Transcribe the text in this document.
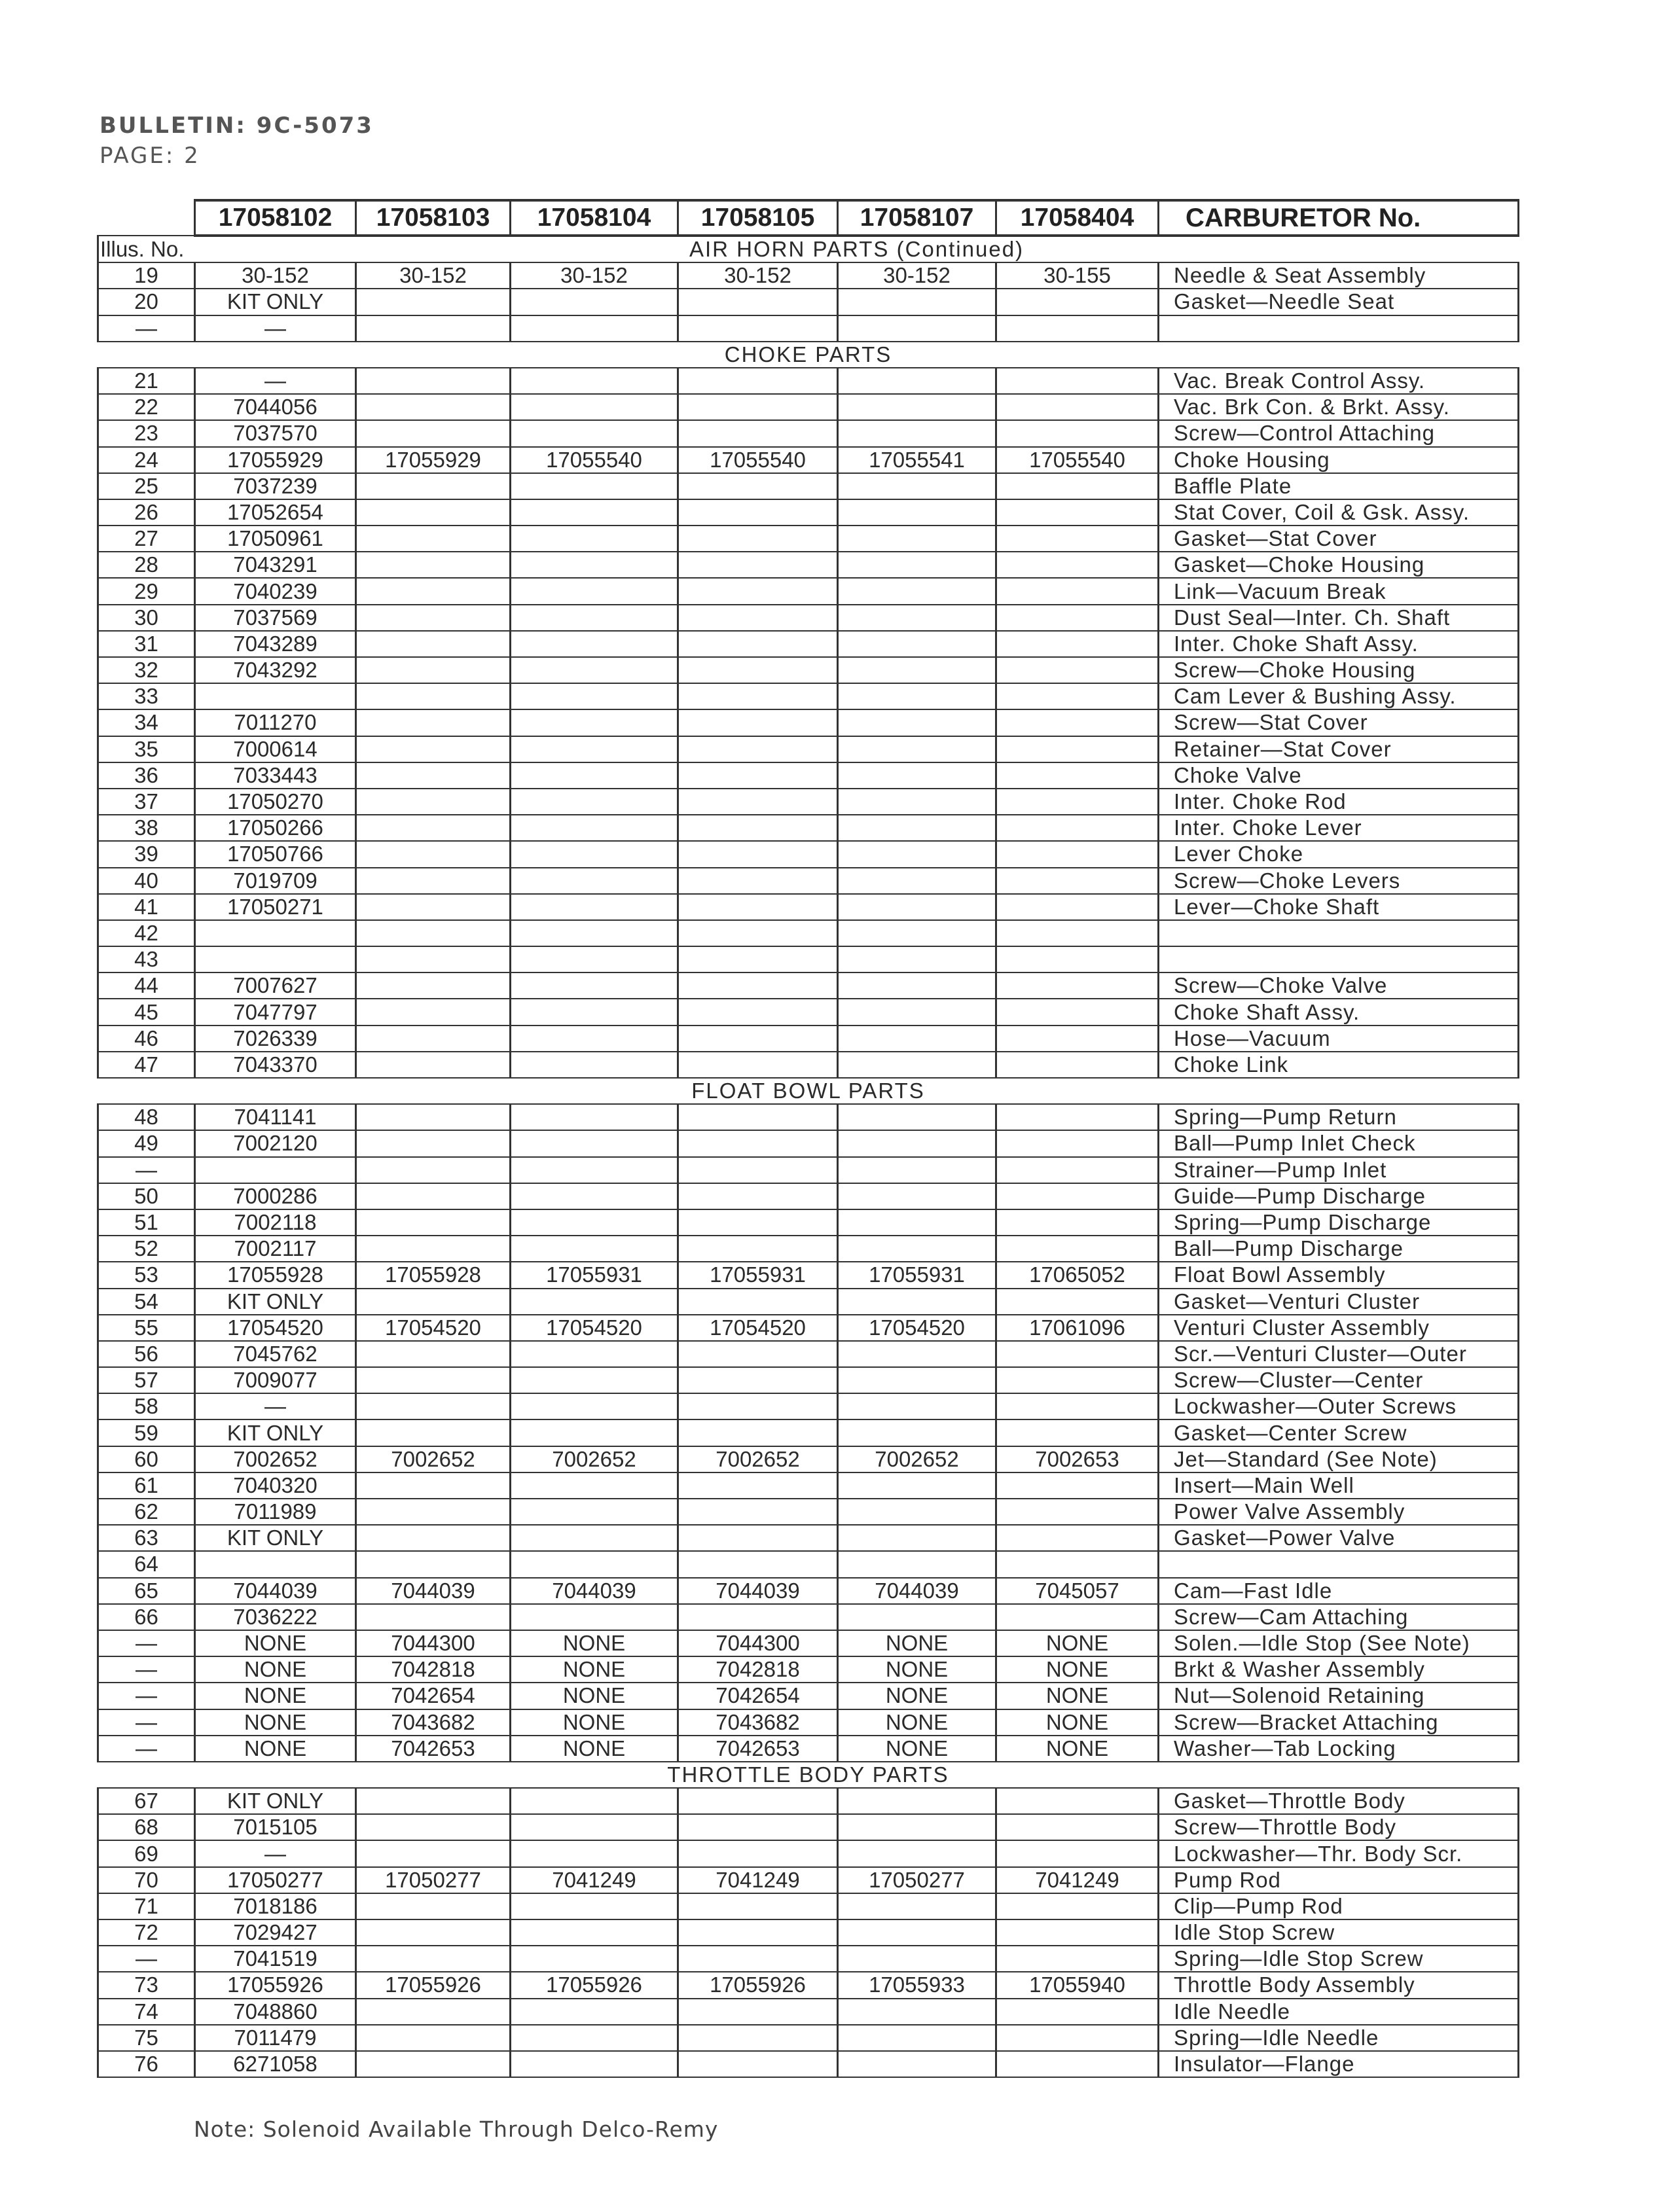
BULLETIN: 9C-5073
PAGE: 2
	17058102	17058103	17058104	17058105	17058107	17058404	CARBURETOR No.
Illus. No.	AIR HORN PARTS (Continued)						
19	30-152	30-152	30-152	30-152	30-152	30-155	Needle & Seat Assembly
20	KIT ONLY						Gasket—Needle Seat
—	—						
CHOKE PARTS							
21	—						Vac. Break Control Assy.
22	7044056						Vac. Brk Con. & Brkt. Assy.
23	7037570						Screw—Control Attaching
24	17055929	17055929	17055540	17055540	17055541	17055540	Choke Housing
25	7037239						Baffle Plate
26	17052654						Stat Cover, Coil & Gsk. Assy.
27	17050961						Gasket—Stat Cover
28	7043291						Gasket—Choke Housing
29	7040239						Link—Vacuum Break
30	7037569						Dust Seal—Inter. Ch. Shaft
31	7043289						Inter. Choke Shaft Assy.
32	7043292						Screw—Choke Housing
33							Cam Lever & Bushing Assy.
34	7011270						Screw—Stat Cover
35	7000614						Retainer—Stat Cover
36	7033443						Choke Valve
37	17050270						Inter. Choke Rod
38	17050266						Inter. Choke Lever
39	17050766						Lever Choke
40	7019709						Screw—Choke Levers
41	17050271						Lever—Choke Shaft
42							
43							
44	7007627						Screw—Choke Valve
45	7047797						Choke Shaft Assy.
46	7026339						Hose—Vacuum
47	7043370						Choke Link
FLOAT BOWL PARTS							
48	7041141						Spring—Pump Return
49	7002120						Ball—Pump Inlet Check
—							Strainer—Pump Inlet
50	7000286						Guide—Pump Discharge
51	7002118						Spring—Pump Discharge
52	7002117						Ball—Pump Discharge
53	17055928	17055928	17055931	17055931	17055931	17065052	Float Bowl Assembly
54	KIT ONLY						Gasket—Venturi Cluster
55	17054520	17054520	17054520	17054520	17054520	17061096	Venturi Cluster Assembly
56	7045762						Scr.—Venturi Cluster—Outer
57	7009077						Screw—Cluster—Center
58	—						Lockwasher—Outer Screws
59	KIT ONLY						Gasket—Center Screw
60	7002652	7002652	7002652	7002652	7002652	7002653	Jet—Standard (See Note)
61	7040320						Insert—Main Well
62	7011989						Power Valve Assembly
63	KIT ONLY						Gasket—Power Valve
64							
65	7044039	7044039	7044039	7044039	7044039	7045057	Cam—Fast Idle
66	7036222						Screw—Cam Attaching
—	NONE	7044300	NONE	7044300	NONE	NONE	Solen.—Idle Stop (See Note)
—	NONE	7042818	NONE	7042818	NONE	NONE	Brkt & Washer Assembly
—	NONE	7042654	NONE	7042654	NONE	NONE	Nut—Solenoid Retaining
—	NONE	7043682	NONE	7043682	NONE	NONE	Screw—Bracket Attaching
—	NONE	7042653	NONE	7042653	NONE	NONE	Washer—Tab Locking
THROTTLE BODY PARTS							
67	KIT ONLY						Gasket—Throttle Body
68	7015105						Screw—Throttle Body
69	—						Lockwasher—Thr. Body Scr.
70	17050277	17050277	7041249	7041249	17050277	7041249	Pump Rod
71	7018186						Clip—Pump Rod
72	7029427						Idle Stop Screw
—	7041519						Spring—Idle Stop Screw
73	17055926	17055926	17055926	17055926	17055933	17055940	Throttle Body Assembly
74	7048860						Idle Needle
75	7011479						Spring—Idle Needle
76	6271058						Insulator—Flange
Note: Solenoid Available Through Delco-Remy
